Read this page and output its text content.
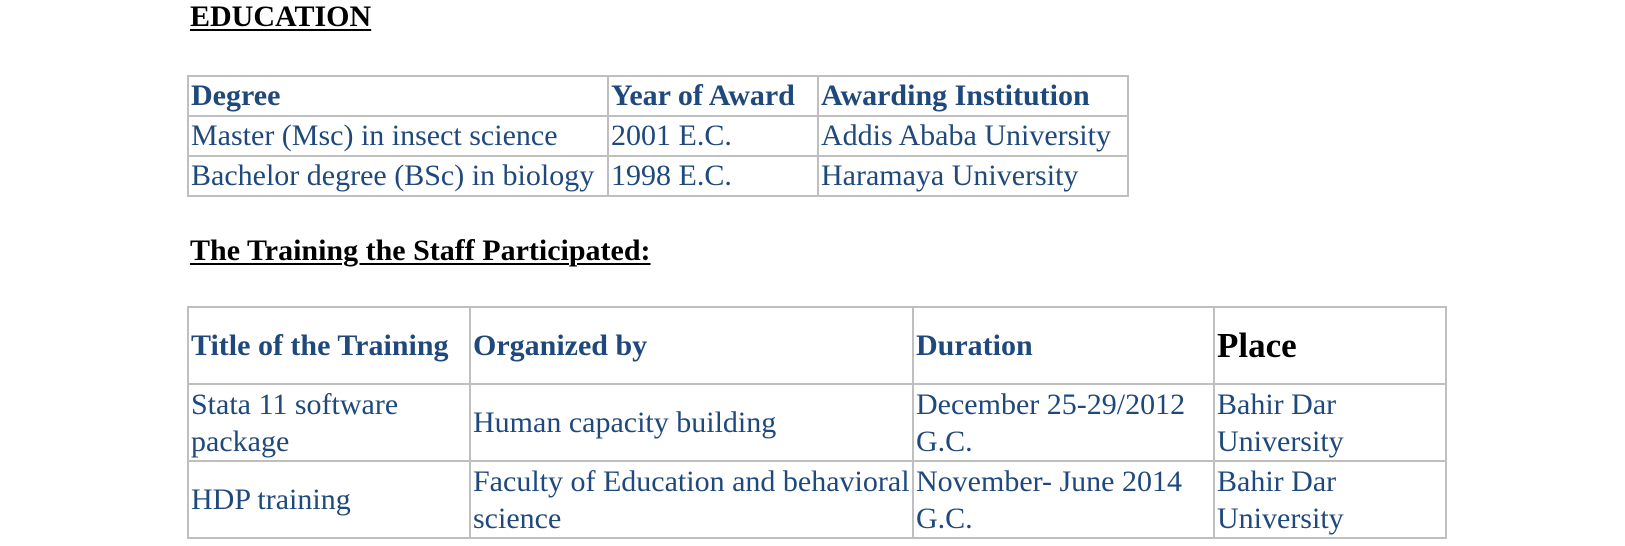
EDUCATION
Degree	Year of Award	Awarding Institution
Master (Msc) in insect science	2001 E.C.	Addis Ababa University
Bachelor degree (BSc) in biology	1998 E.C.	Haramaya University
The Training the Staff Participated:
Title of the Training	Organized by	Duration	Place
Stata 11 software package	Human capacity building	December 25-29/2012 G.C.	Bahir Dar University
HDP training	Faculty of Education and behavioral science	November- June 2014 G.C.	Bahir Dar University
